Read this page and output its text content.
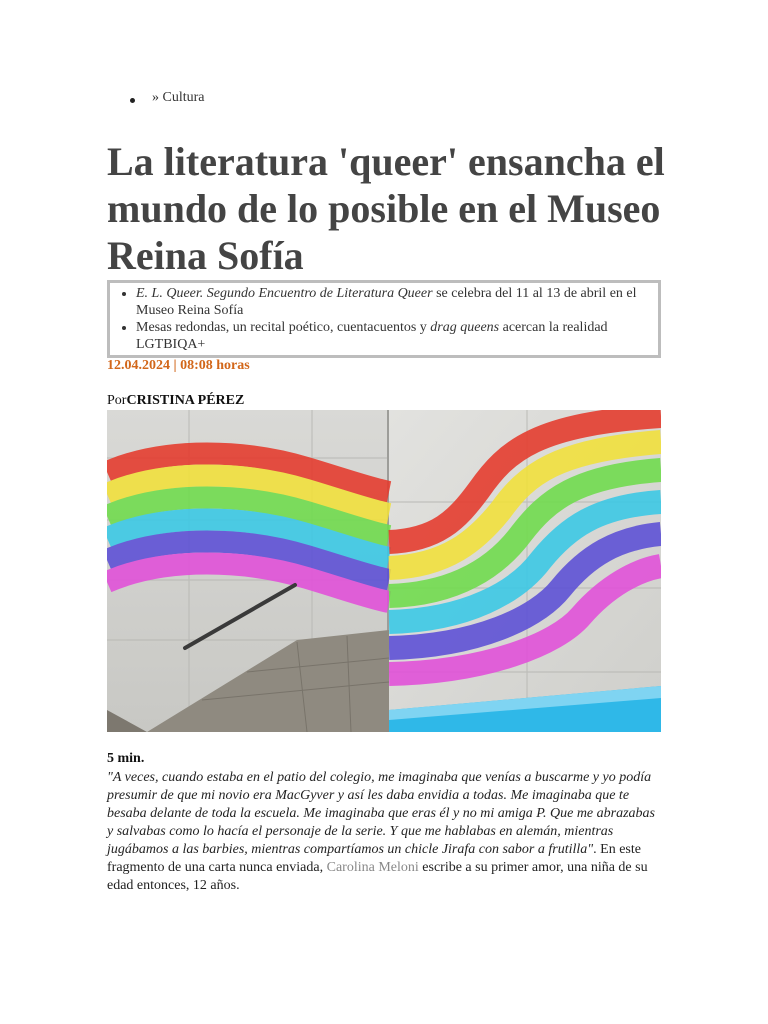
» Cultura
La literatura 'queer' ensancha el mundo de lo posible en el Museo Reina Sofía
E. L. Queer. Segundo Encuentro de Literatura Queer se celebra del 11 al 13 de abril en el Museo Reina Sofía
Mesas redondas, un recital poético, cuentacuentos y drag queens acercan la realidad LGTBIQA+
12.04.2024 | 08:08 horas
PorCRISTINA PÉREZ
5 min.

"A veces, cuando estaba en el patio del colegio, me imaginaba que venías a buscarme y yo podía presumir de que mi novio era MacGyver y así les daba envidia a todas. Me imaginaba que te besaba delante de toda la escuela. Me imaginaba que eras él y no mi amiga P. Que me abrazabas y salvabas como lo hacía el personaje de la serie. Y que me hablabas en alemán, mientras jugábamos a las barbies, mientras compartíamos un chicle Jirafa con sabor a frutilla". En este fragmento de una carta nunca enviada, Carolina Meloni escribe a su primer amor, una niña de su edad entonces, 12 años.
